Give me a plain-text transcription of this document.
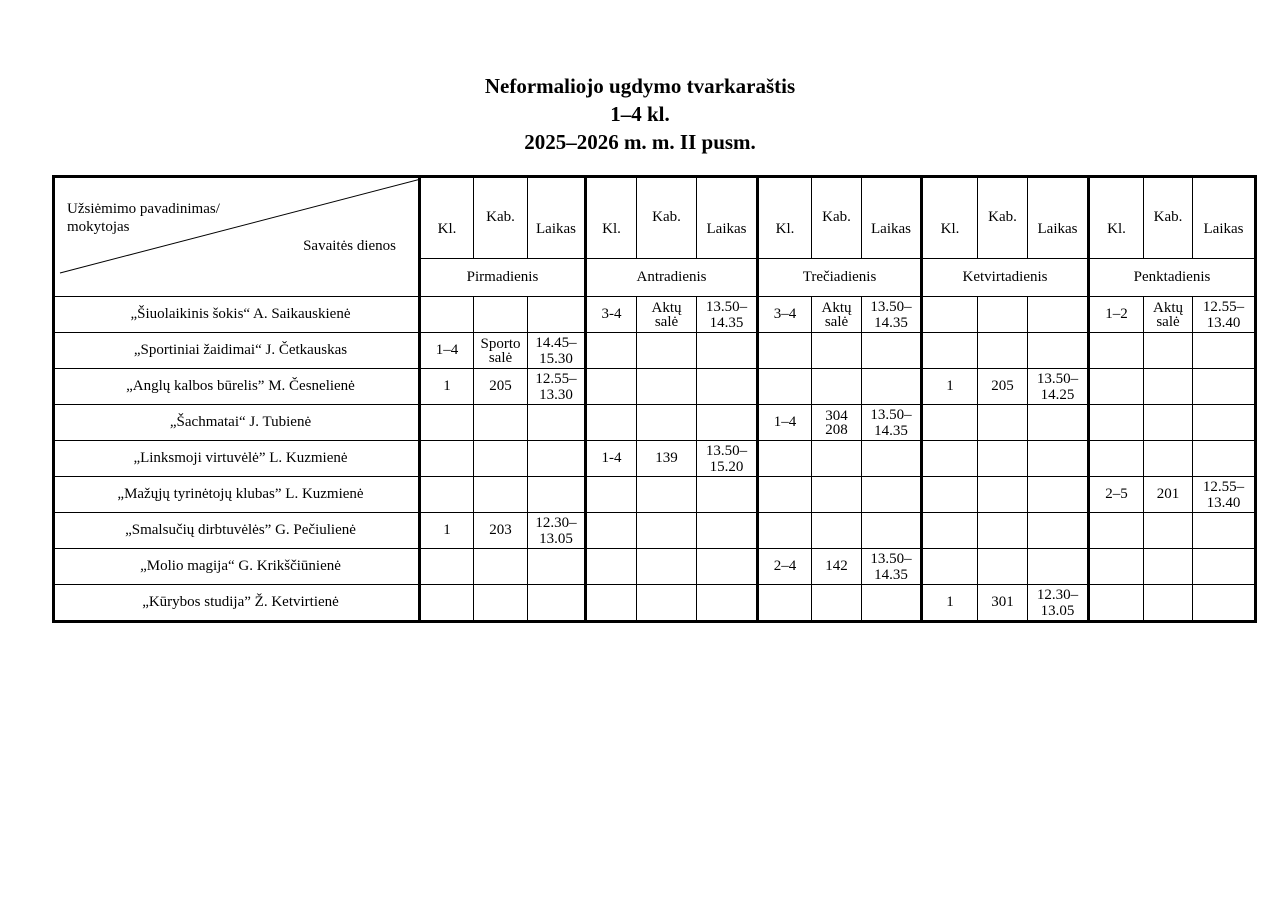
Neformaliojo ugdymo tvarkaraštis
1–4 kl.
2025–2026 m. m. II pusm.
Užsiėmimo pavadinimas/
mokytojas
Savaitės dienos	Kl.	Kab.	Laikas	Kl.	Kab.	Laikas	Kl.	Kab.	Laikas	Kl.	Kab.	Laikas	Kl.	Kab.	Laikas
	Pirmadienis			Antradienis			Trečiadienis			Ketvirtadienis			Penktadienis		
„Šiuolaikinis šokis“ A. Saikauskienė				3-4	Aktų
salė	13.50–
14.35	3–4	Aktų
salė	13.50–
14.35				1–2	Aktų
salė	12.55–
13.40
„Sportiniai žaidimai“ J. Četkauskas	1–4	Sporto
salė	14.45–
15.30												
„Anglų kalbos būrelis” M. Česnelienė	1	205	12.55–
13.30							1	205	13.50–
14.25			
„Šachmatai“ J. Tubienė							1–4	304
208	13.50–
14.35						
„Linksmoji virtuvėlė” L. Kuzmienė				1-4	139	13.50–
15.20									
„Mažųjų tyrinėtojų klubas” L. Kuzmienė													2–5	201	12.55–
13.40
„Smalsučių dirbtuvėlės” G. Pečiulienė	1	203	12.30–
13.05												
„Molio magija“ G. Krikščiūnienė							2–4	142	13.50–
14.35						
„Kūrybos studija” Ž. Ketvirtienė										1	301	12.30–
13.05			
